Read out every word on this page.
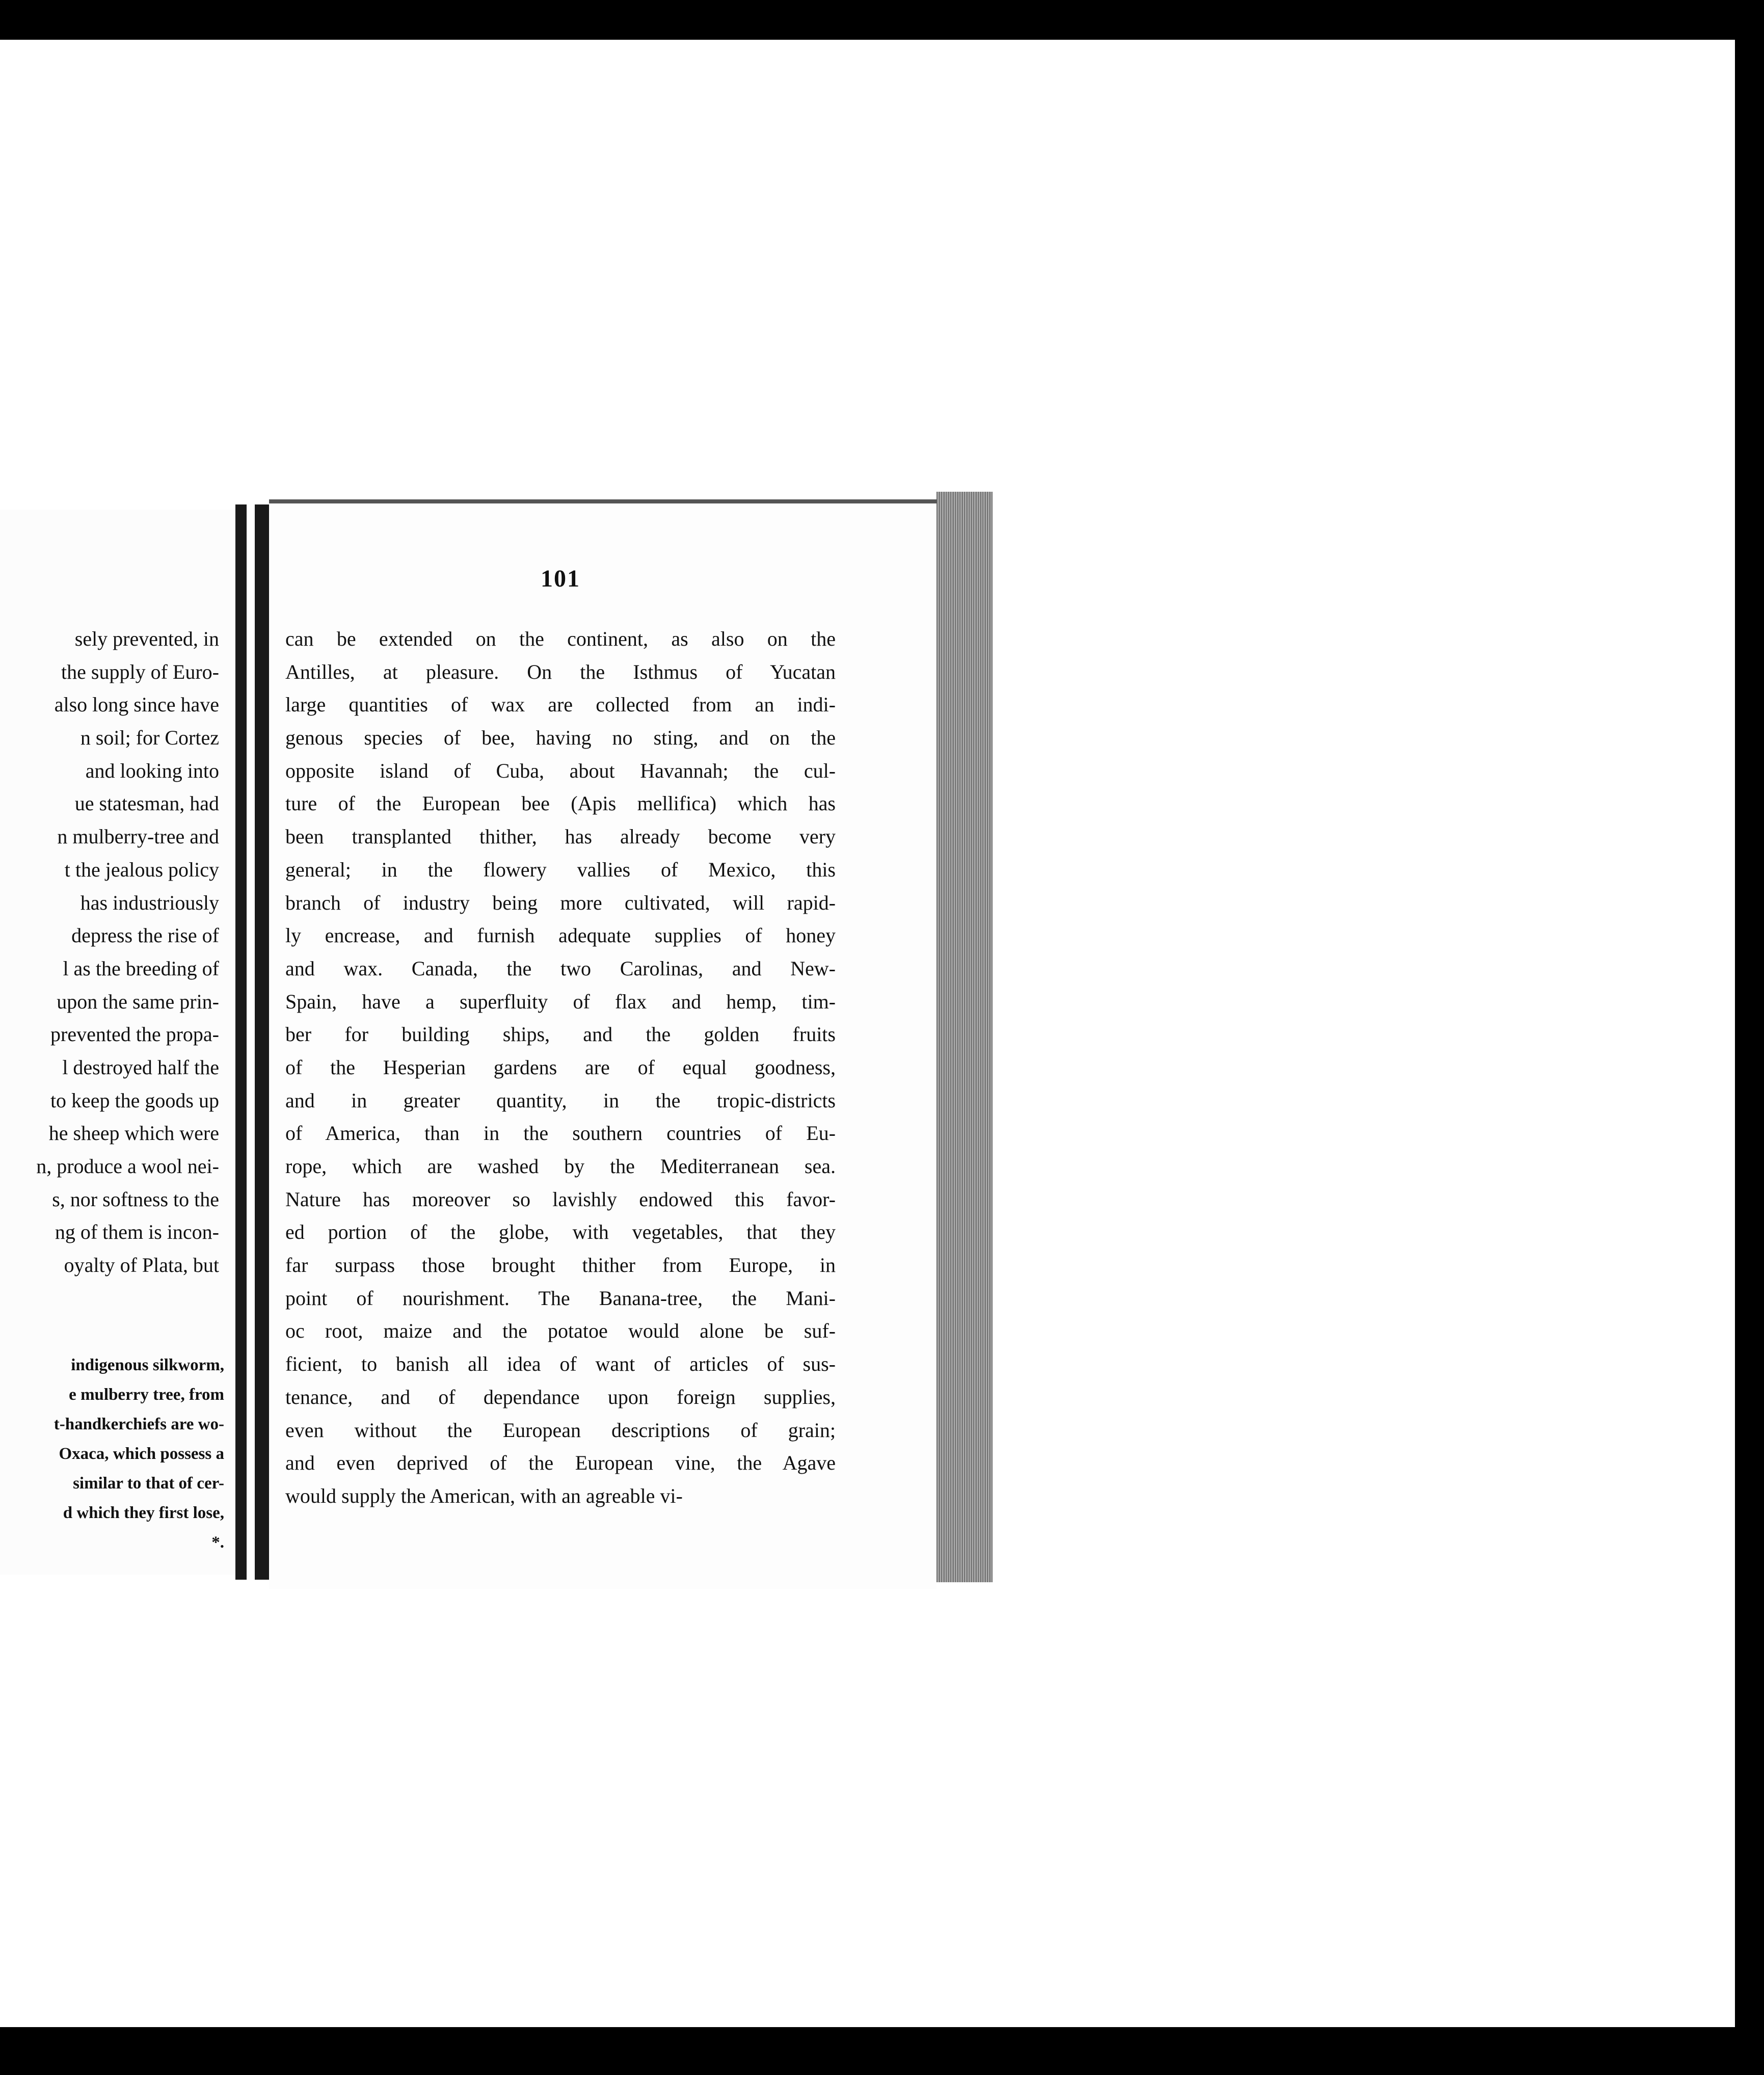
sely prevented, in
the supply of Euro-
also long since have
n soil; for Cortez
and looking into
ue statesman, had
n mulberry-tree and
t the jealous policy
has industriously
depress the rise of
l as the breeding of
upon the same prin-
prevented the propa-
l destroyed half the
to keep the goods up
he sheep which were
n, produce a wool nei-
s, nor softness to the
ng of them is incon-
oyalty of Plata, but
indigenous silkworm,
e mulberry tree, from
t-handkerchiefs are wo-
Oxaca, which possess a
similar to that of cer-
d which they first lose,
*.
101
can be extended on the continent, as also on the
Antilles, at pleasure. On the Isthmus of Yucatan
large quantities of wax are collected from an indi-
genous species of bee, having no sting, and on the
opposite island of Cuba, about Havannah; the cul-
ture of the European bee (Apis mellifica) which has
been transplanted thither, has already become very
general; in the flowery vallies of Mexico, this
branch of industry being more cultivated, will rapid-
ly encrease, and furnish adequate supplies of honey
and wax. Canada, the two Carolinas, and New-
Spain, have a superfluity of flax and hemp, tim-
ber for building ships, and the golden fruits
of the Hesperian gardens are of equal goodness,
and in greater quantity, in the tropic-districts
of America, than in the southern countries of Eu-
rope, which are washed by the Mediterranean sea.
Nature has moreover so lavishly endowed this favor-
ed portion of the globe, with vegetables, that they
far surpass those brought thither from Europe, in
point of nourishment. The Banana-tree, the Mani-
oc root, maize and the potatoe would alone be suf-
ficient, to banish all idea of want of articles of sus-
tenance, and of dependance upon foreign supplies,
even without the European descriptions of grain;
and even deprived of the European vine, the Agave
would supply the American, with an agreable vi-
